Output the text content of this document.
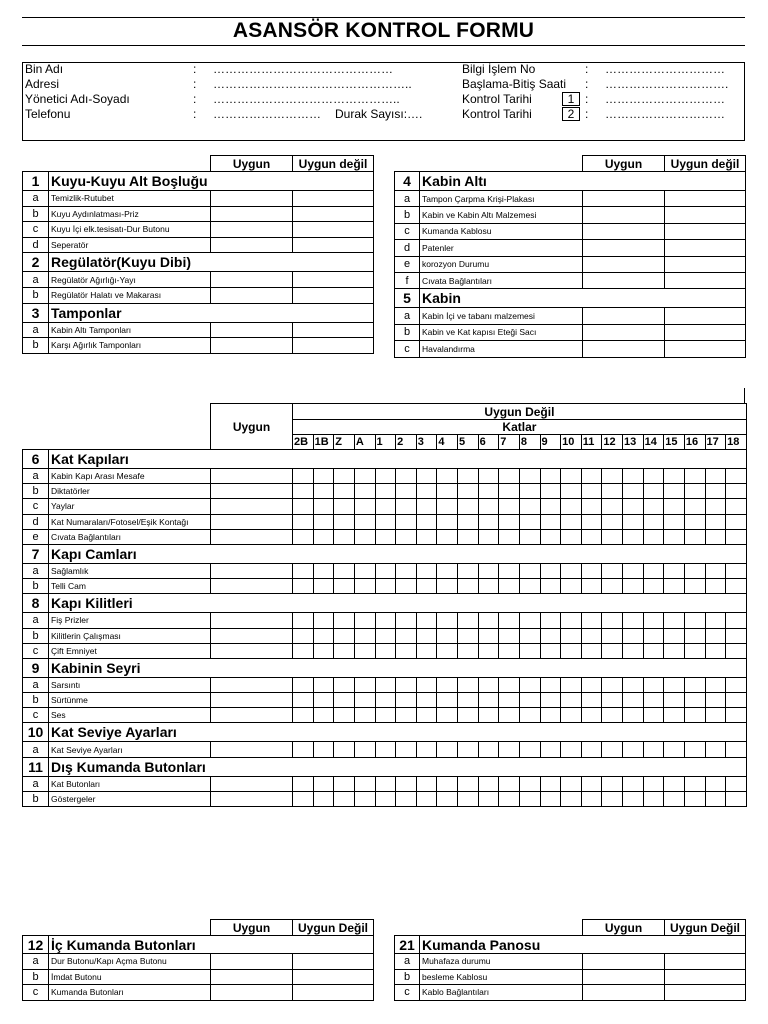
ASANSÖR KONTROL FORMU
Bin Adı	: ………………………………………
Adresi	: …………………………………………..
Yönetici Adı-Soyadı	: ………………………………………..
Telefonu	: ……………………… Durak Sayısı:….
Bilgi İşlem No	: …………………………
Başlama-Bitiş Saati : ………………………….
Kontrol Tarihi	1 : …………………………
Kontrol Tarihi	2 : …………………………
		Uygun	Uygun değil
1	Kuyu-Kuyu Alt Boşluğu		
a	Temizlik-Rutubet		
b	Kuyu Aydınlatması-Priz		
c	Kuyu İçi elk.tesisatı-Dur Butonu		
d	Seperatör		
2	Regülatör(Kuyu Dibi)		
a	Regülatör Ağırlığı-Yayı		
b	Regülatör Halatı ve Makarası		
3	Tamponlar		
a	Kabin Altı Tamponları		
b	Karşı Ağırlık Tamponları		
		Uygun	Uygun değil
4	Kabin Altı		
a	Tampon Çarpma Krişi-Plakası		
b	Kabin ve Kabin Altı Malzemesi		
c	Kumanda Kablosu		
d	Patenler		
e	korozyon Durumu		
f	Cıvata Bağlantıları		
5	Kabin		
a	Kabin İçi ve tabanı malzemesi		
b	Kabin ve Kat kapısı Eteği Sacı		
c	Havalandırma		
		Uygun	Uygun Değil																					
			Katlar																					
			2B	1B	Z	A	1	2	3	4	5	6	7	8	9	10	11	12	13	14	15	16	17	18
6	Kat Kapıları																							
a	Kabin Kapı Arası Mesafe																							
b	Diktatörler																							
c	Yaylar																							
d	Kat Numaraları/Fotosel/Eşik Kontağı																							
e	Cıvata Bağlantıları																							
7	Kapı Camları																							
a	Sağlamlık																							
b	Telli Cam																							
8	Kapı Kilitleri																							
a	Fiş Prizler																							
b	Kilitlerin Çalışması																							
c	Çift Emniyet																							
9	Kabinin Seyri																							
a	Sarsıntı																							
b	Sürtünme																							
c	Ses																							
10	Kat Seviye Ayarları																							
a	Kat Seviye Ayarları																							
11	Dış Kumanda Butonları																							
a	Kat Butonları																							
b	Göstergeler																							
		Uygun	Uygun Değil
12	İç Kumanda Butonları		
a	Dur Butonu/Kapı Açma Butonu		
b	İmdat Butonu		
c	Kumanda Butonları		
		Uygun	Uygun Değil
21	Kumanda Panosu		
a	Muhafaza durumu		
b	besleme Kablosu		
c	Kablo Bağlantıları		
